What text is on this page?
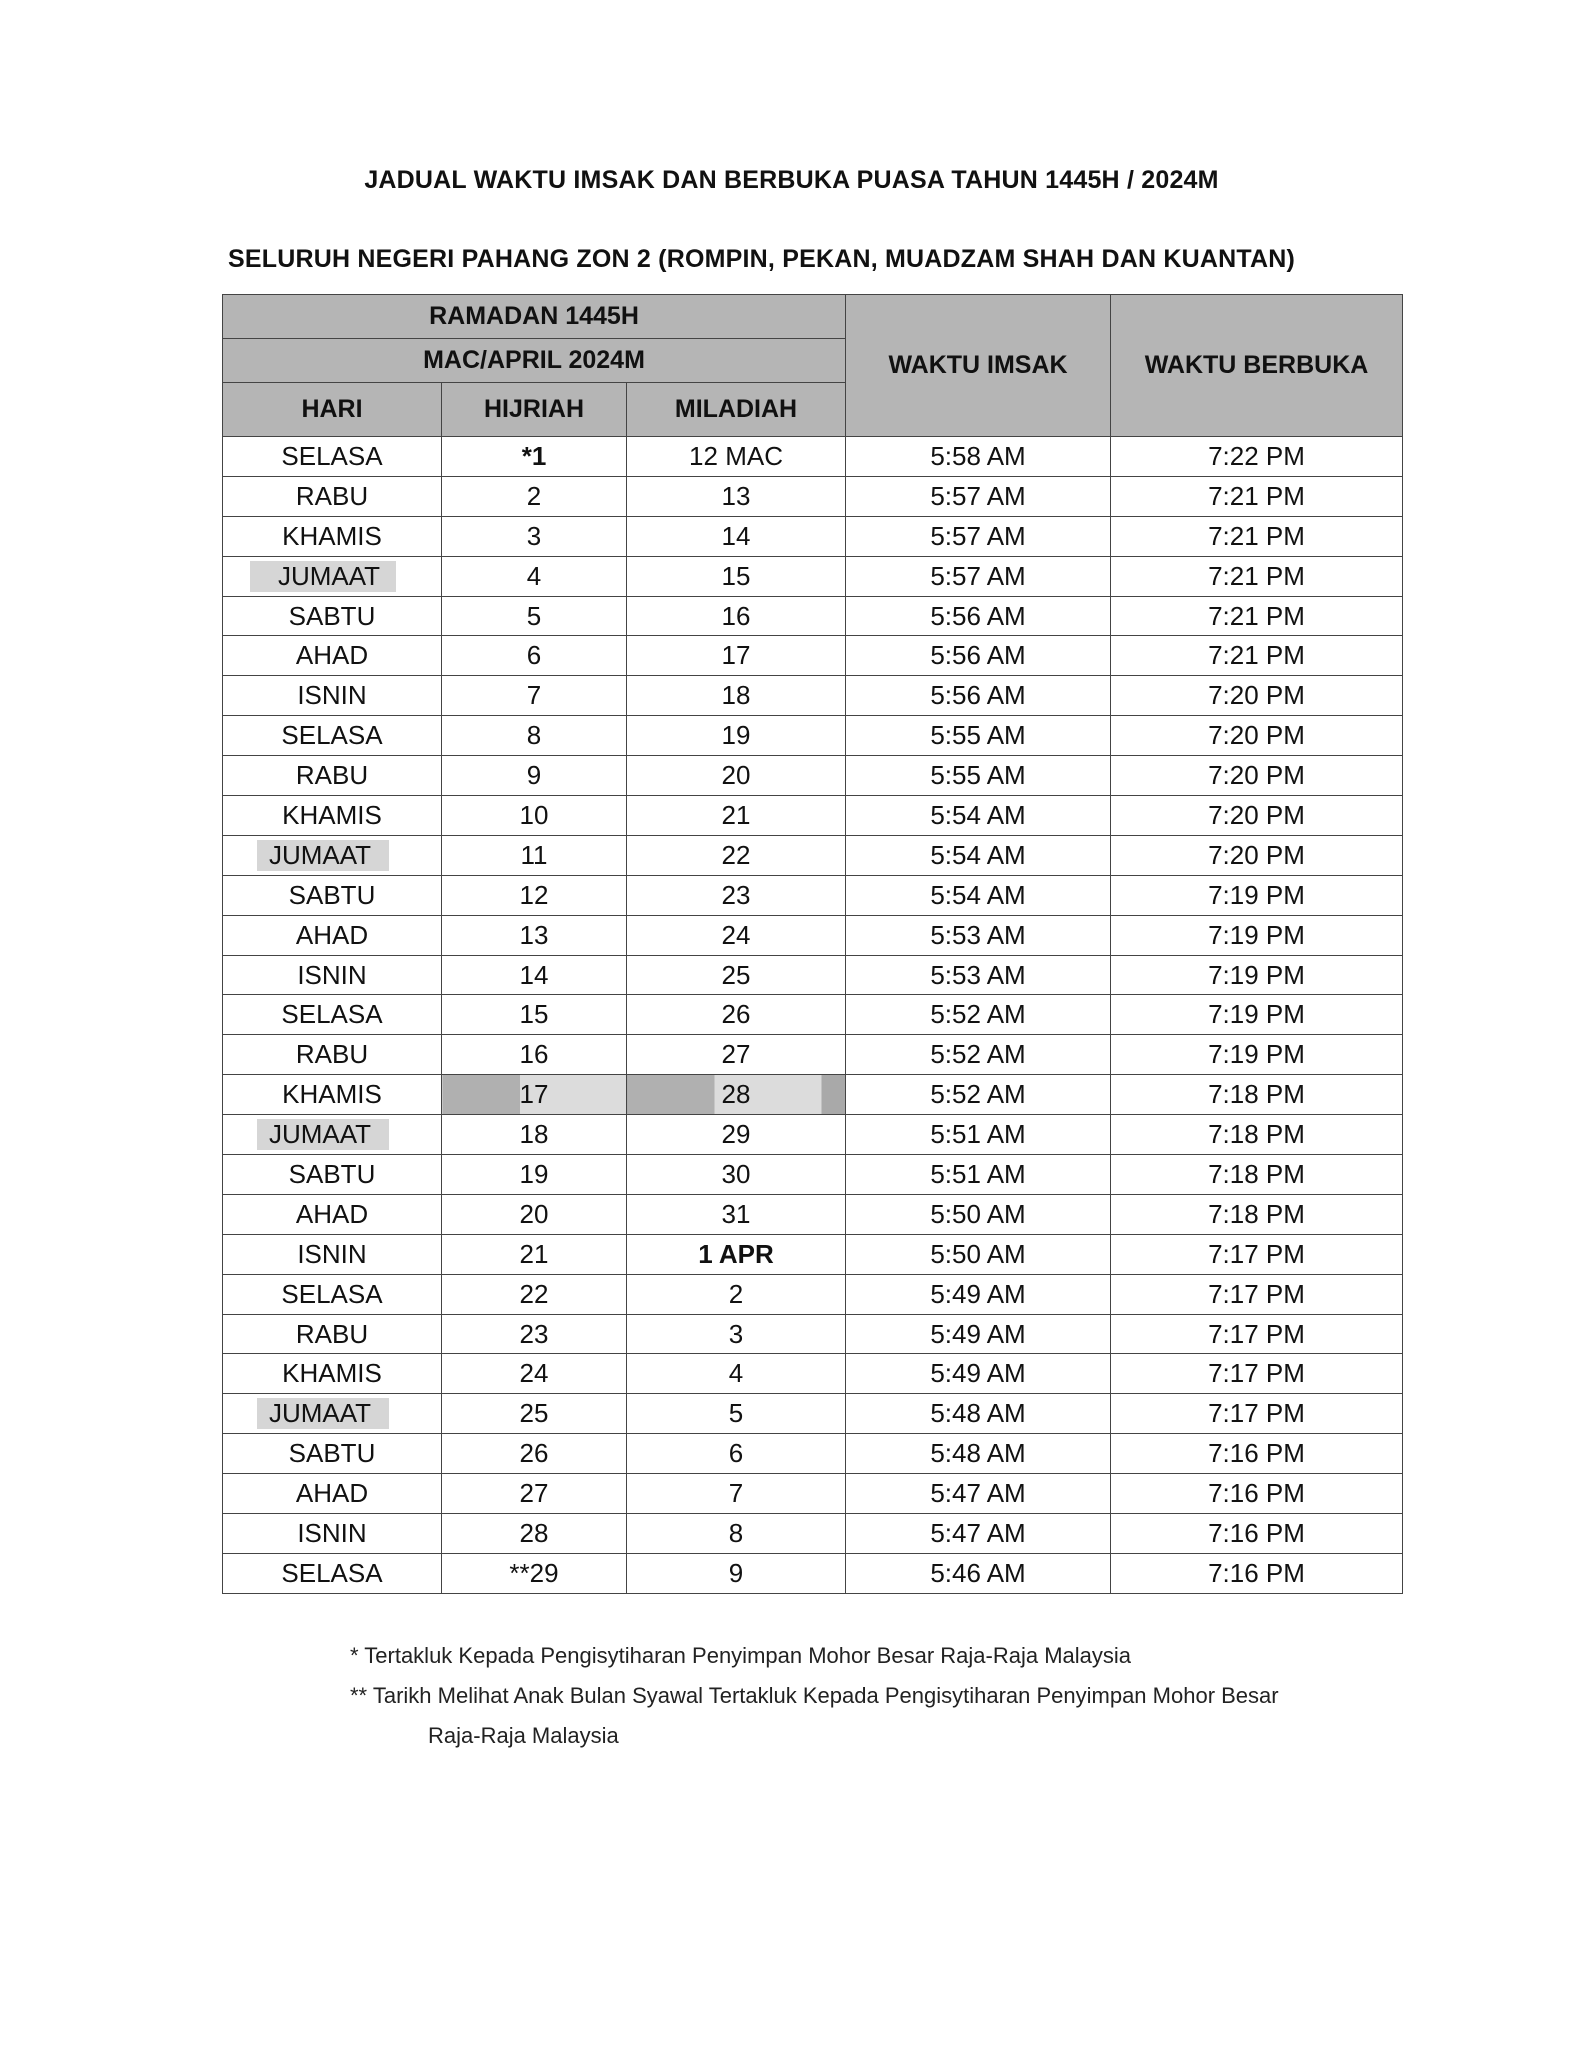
JADUAL WAKTU IMSAK DAN BERBUKA PUASA TAHUN 1445H / 2024M
SELURUH NEGERI PAHANG ZON 2 (ROMPIN, PEKAN, MUADZAM SHAH DAN KUANTAN)
RAMADAN 1445H			WAKTU IMSAK	WAKTU BERBUKA
MAC/APRIL 2024M				
HARI	HIJRIAH	MILADIAH		
SELASA	*1	12 MAC	5:58 AM	7:22 PM
RABU	2	13	5:57 AM	7:21 PM
KHAMIS	3	14	5:57 AM	7:21 PM
JUMAAT	4	15	5:57 AM	7:21 PM
SABTU	5	16	5:56 AM	7:21 PM
AHAD	6	17	5:56 AM	7:21 PM
ISNIN	7	18	5:56 AM	7:20 PM
SELASA	8	19	5:55 AM	7:20 PM
RABU	9	20	5:55 AM	7:20 PM
KHAMIS	10	21	5:54 AM	7:20 PM
JUMAAT	11	22	5:54 AM	7:20 PM
SABTU	12	23	5:54 AM	7:19 PM
AHAD	13	24	5:53 AM	7:19 PM
ISNIN	14	25	5:53 AM	7:19 PM
SELASA	15	26	5:52 AM	7:19 PM
RABU	16	27	5:52 AM	7:19 PM
KHAMIS	17	28	5:52 AM	7:18 PM
JUMAAT	18	29	5:51 AM	7:18 PM
SABTU	19	30	5:51 AM	7:18 PM
AHAD	20	31	5:50 AM	7:18 PM
ISNIN	21	1 APR	5:50 AM	7:17 PM
SELASA	22	2	5:49 AM	7:17 PM
RABU	23	3	5:49 AM	7:17 PM
KHAMIS	24	4	5:49 AM	7:17 PM
JUMAAT	25	5	5:48 AM	7:17 PM
SABTU	26	6	5:48 AM	7:16 PM
AHAD	27	7	5:47 AM	7:16 PM
ISNIN	28	8	5:47 AM	7:16 PM
SELASA	**29	9	5:46 AM	7:16 PM
* Tertakluk Kepada Pengisytiharan Penyimpan Mohor Besar Raja-Raja Malaysia
** Tarikh Melihat Anak Bulan Syawal Tertakluk Kepada Pengisytiharan Penyimpan Mohor Besar
Raja-Raja Malaysia
